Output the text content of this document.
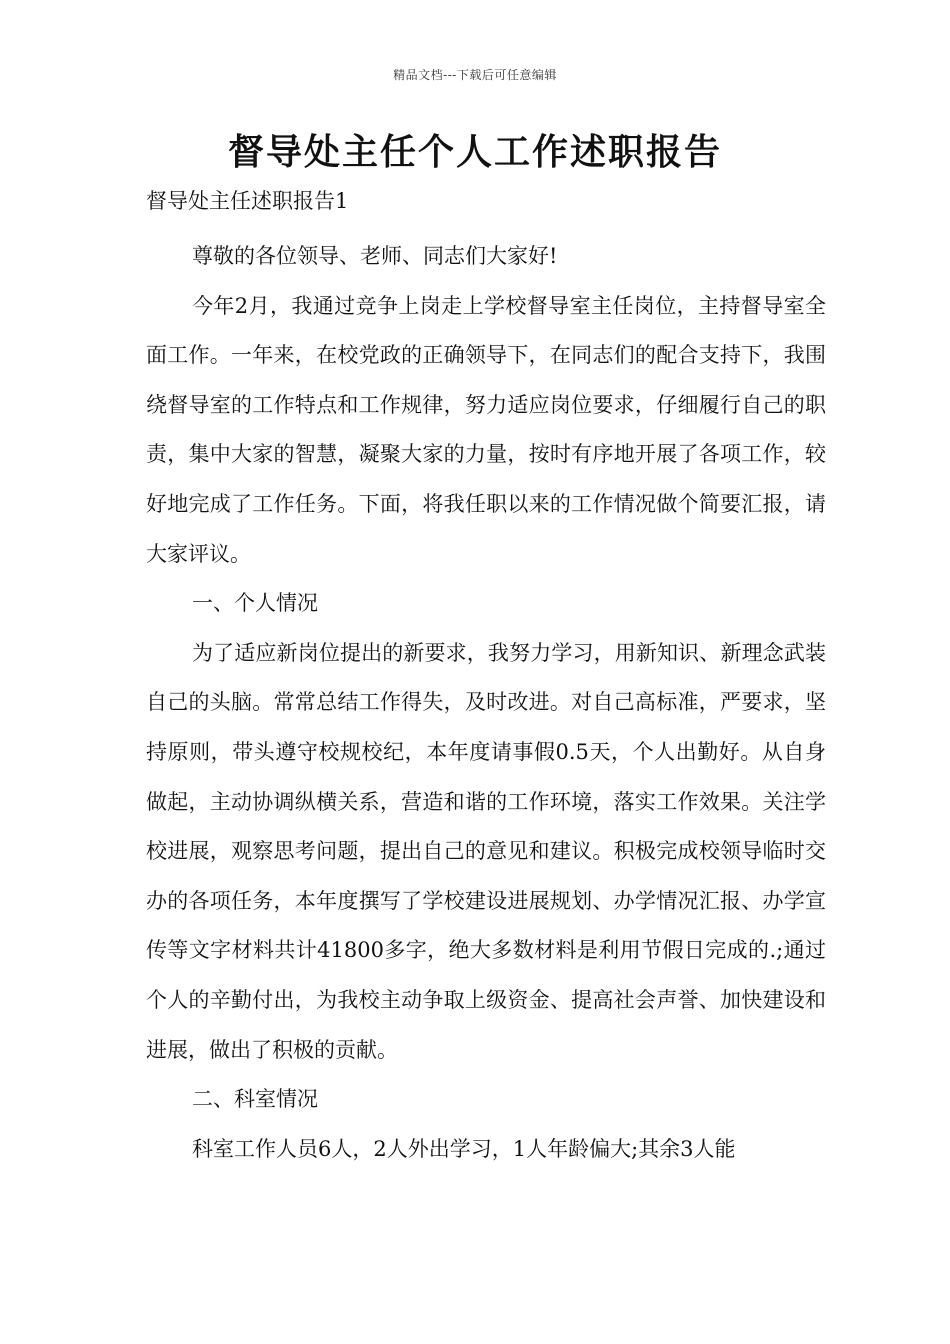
精品文档---下载后可任意编辑
督导处主任个人工作述职报告
督导处主任述职报告1

尊敬的各位领导、老师、同志们大家好!

今年2月，我通过竞争上岗走上学校督导室主任岗位，主持督导室全面工作。一年来，在校党政的正确领导下，在同志们的配合支持下，我围绕督导室的工作特点和工作规律，努力适应岗位要求，仔细履行自己的职责，集中大家的智慧，凝聚大家的力量，按时有序地开展了各项工作，较好地完成了工作任务。下面，将我任职以来的工作情况做个简要汇报，请大家评议。

一、个人情况

为了适应新岗位提出的新要求，我努力学习，用新知识、新理念武装自己的头脑。常常总结工作得失，及时改进。对自己高标准，严要求，坚持原则，带头遵守校规校纪，本年度请事假0.5天，个人出勤好。从自身做起，主动协调纵横关系，营造和谐的工作环境，落实工作效果。关注学校进展，观察思考问题，提出自己的意见和建议。积极完成校领导临时交办的各项任务，本年度撰写了学校建设进展规划、办学情况汇报、办学宣传等文字材料共计41800多字，绝大多数材料是利用节假日完成的.;通过个人的辛勤付出，为我校主动争取上级资金、提高社会声誉、加快建设和进展，做出了积极的贡献。

二、科室情况

科室工作人员6人，2人外出学习，1人年龄偏大;其余3人能
